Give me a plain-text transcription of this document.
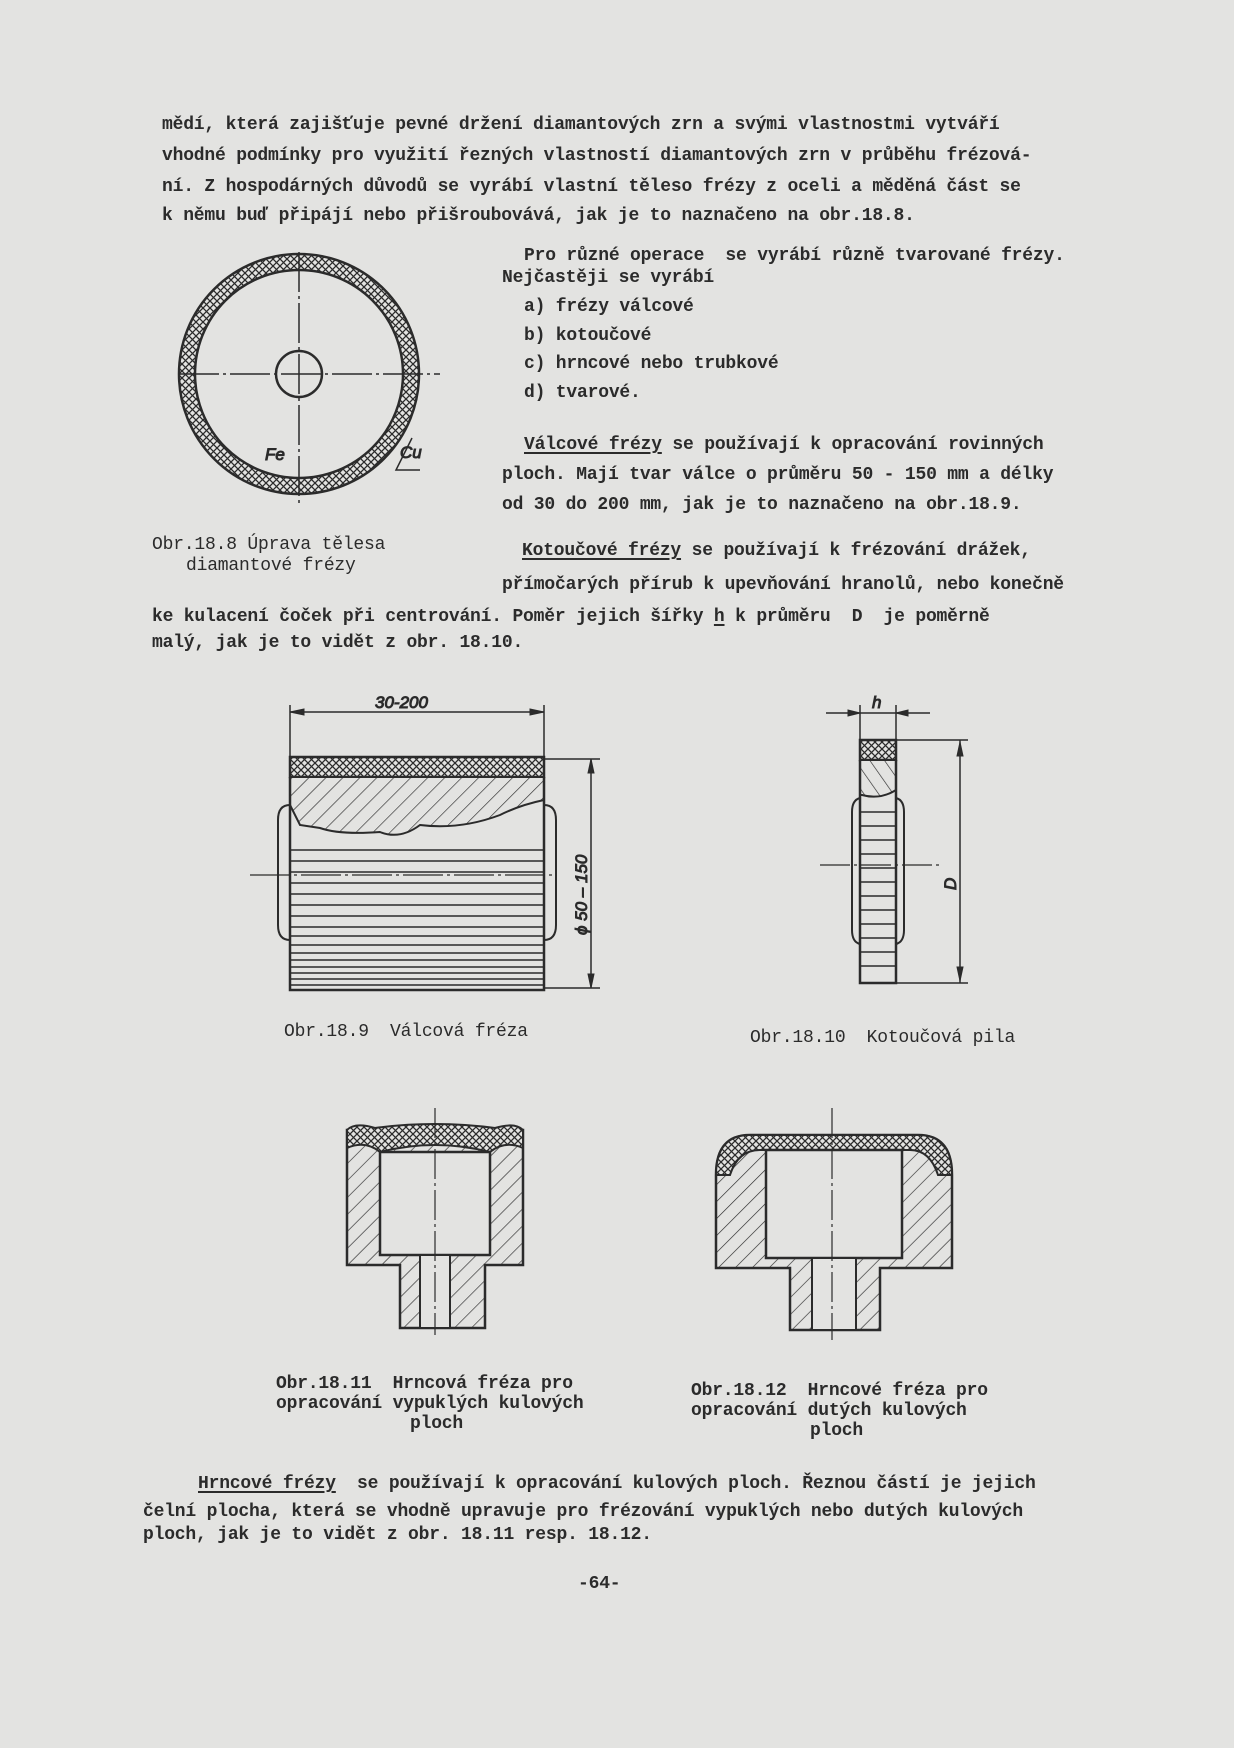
mědí, která zajišťuje pevné držení diamantových zrn a svými vlastnostmi vytváří
vhodné podmínky pro využití řezných vlastností diamantových zrn v průběhu frézová-
ní. Z hospodárných důvodů se vyrábí vlastní těleso frézy z oceli a měděná část se
k němu buď připájí nebo přišroubovává, jak je to naznačeno na obr.18.8.
Pro různé operace  se vyrábí různě tvarované frézy.
Nejčastěji se vyrábí
a) frézy válcové
b) kotoučové
c) hrncové nebo trubkové
d) tvarové.
Válcové frézy se používají k opracování rovinných
ploch. Mají tvar válce o průměru 50 - 150 mm a délky
od 30 do 200 mm, jak je to naznačeno na obr.18.9.
Kotoučové frézy se používají k frézování drážek,
přímočarých přírub k upevňování hranolů, nebo konečně
ke kulacení čoček při centrování. Poměr jejich šířky h k průměru  D  je poměrně
malý, jak je to vidět z obr. 18.10.
Obr.18.8 Úprava tělesa
diamantové frézy
Obr.18.9  Válcová fréza	Obr.18.10  Kotoučová pila
Obr.18.11  Hrncová fréza pro
opracování vypuklých kulových
ploch
Obr.18.12  Hrncové fréza pro
opracování dutých kulových
ploch
Hrncové frézy  se používají k opracování kulových ploch. Řeznou částí je jejich
čelní plocha, která se vhodně upravuje pro frézování vypuklých nebo dutých kulových
ploch, jak je to vidět z obr. 18.11 resp. 18.12.
-64-
Fe	Cu
30-200
ϕ 50 – 150
h
D
